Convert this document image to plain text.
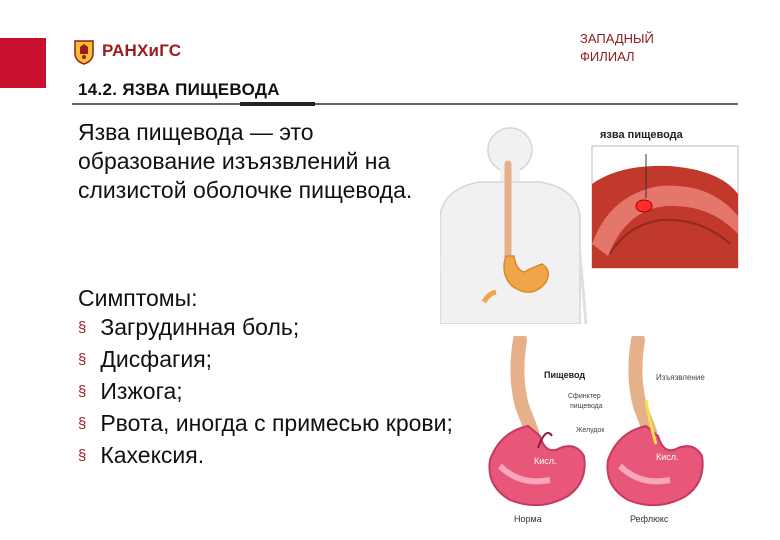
РАНХиГС
ЗАПАДНЫЙ
ФИЛИАЛ
14.2. ЯЗВА ПИЩЕВОДА
Язва пищевода — это образование изъязвлений на слизистой оболочке пищевода.
Симптомы:
§ Загрудинная боль;
§ Дисфагия;
§ Изжога;
§ Рвота, иногда с примесью крови;
§ Кахексия.
язва пищевода
Кисл.
Норма
Кисл.
Рефлюкс
Пищевод
Сфинктер
пищевода
Желудок
Изъязвление
